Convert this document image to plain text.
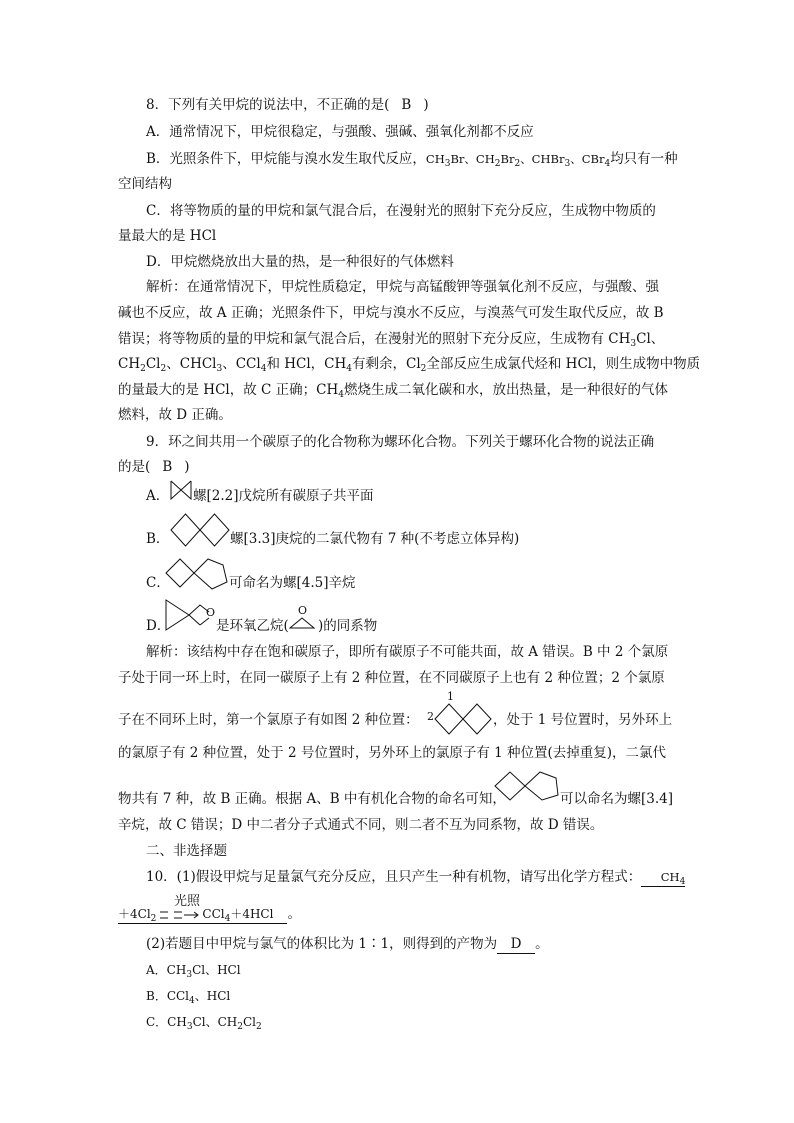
8．下列有关甲烷的说法中，不正确的是( B )
A．通常情况下，甲烷很稳定，与强酸、强碱、强氧化剂都不反应
B．光照条件下，甲烷能与溴水发生取代反应，$CH_3Br$、$CH_2Br_2$、CHBr$_3$、CBr$_4$均只有一种
空间结构
C．将等物质的量的甲烷和氯气混合后，在漫射光的照射下充分反应，生成物中物质的
量最大的是 HCl
D．甲烷燃烧放出大量的热，是一种很好的气体燃料
解析：在通常情况下，甲烷性质稳定，甲烷与高锰酸钾等强氧化剂不反应，与强酸、强
碱也不反应，故 A 正确；光照条件下，甲烷与溴水不反应，与溴蒸气可发生取代反应，故 B
错误；将等物质的量的甲烷和氯气混合后，在漫射光的照射下充分反应，生成物有 $CH_3Cl$、
$CH_2Cl_2$、CHCl$_3$、CCl$_4$和 HCl，$CH_4$有剩余，$Cl_2$全部反应生成氯代烃和 HCl，则生成物中物质
的量最大的是 HCl，故 C 正确；$CH_4$燃烧生成二氧化碳和水，放出热量，是一种很好的气体
燃料，故 D 正确。
9．环之间共用一个碳原子的化合物称为螺环化合物。下列关于螺环化合物的说法正确
的是( B )
A． 螺[2.2]戊烷所有碳原子共平面
B．	螺[3.3]庚烷的二氯代物有 7 种(不考虑立体异构)
C．	可命名为螺[4.5]辛烷
D．
O
是环氧乙烷(
O
)的同系物
解析：该结构中存在饱和碳原子，即所有碳原子不可能共面，故 A 错误。B 中 2 个氯原
子处于同一环上时，在同一碳原子上有 2 种位置，在不同碳原子上也有 2 种位置；2 个氯原
子在不同环上时，第一个氯原子有如图 2 种位置：
1
2	，处于 1 号位置时，另外环上
的氯原子有 2 种位置，处于 2 号位置时，另外环上的氯原子有 1 种位置(去掉重复)，二氯代
物共有 7 种，故 B 正确。根据 A、B 中有机化合物的命名可知，	可以命名为螺[3.4]
辛烷，故 C 错误；D 中二者分子式通式不同，则二者不互为同系物，故 D 错误。
二、非选择题
10．(1)假设甲烷与足量氯气充分反应，且只产生一种有机物，请写出化学方程式： $CH_4$
光照
$+4Cl_2$	CCl$_4$＋4HCl 。
(2)若题目中甲烷与氯气的体积比为 1∶1，则得到的产物为 D 。
A．$CH_3Cl$、HCl
B．CCl$_4$、HCl
C．$CH_3Cl$、$CH_2Cl_2$
